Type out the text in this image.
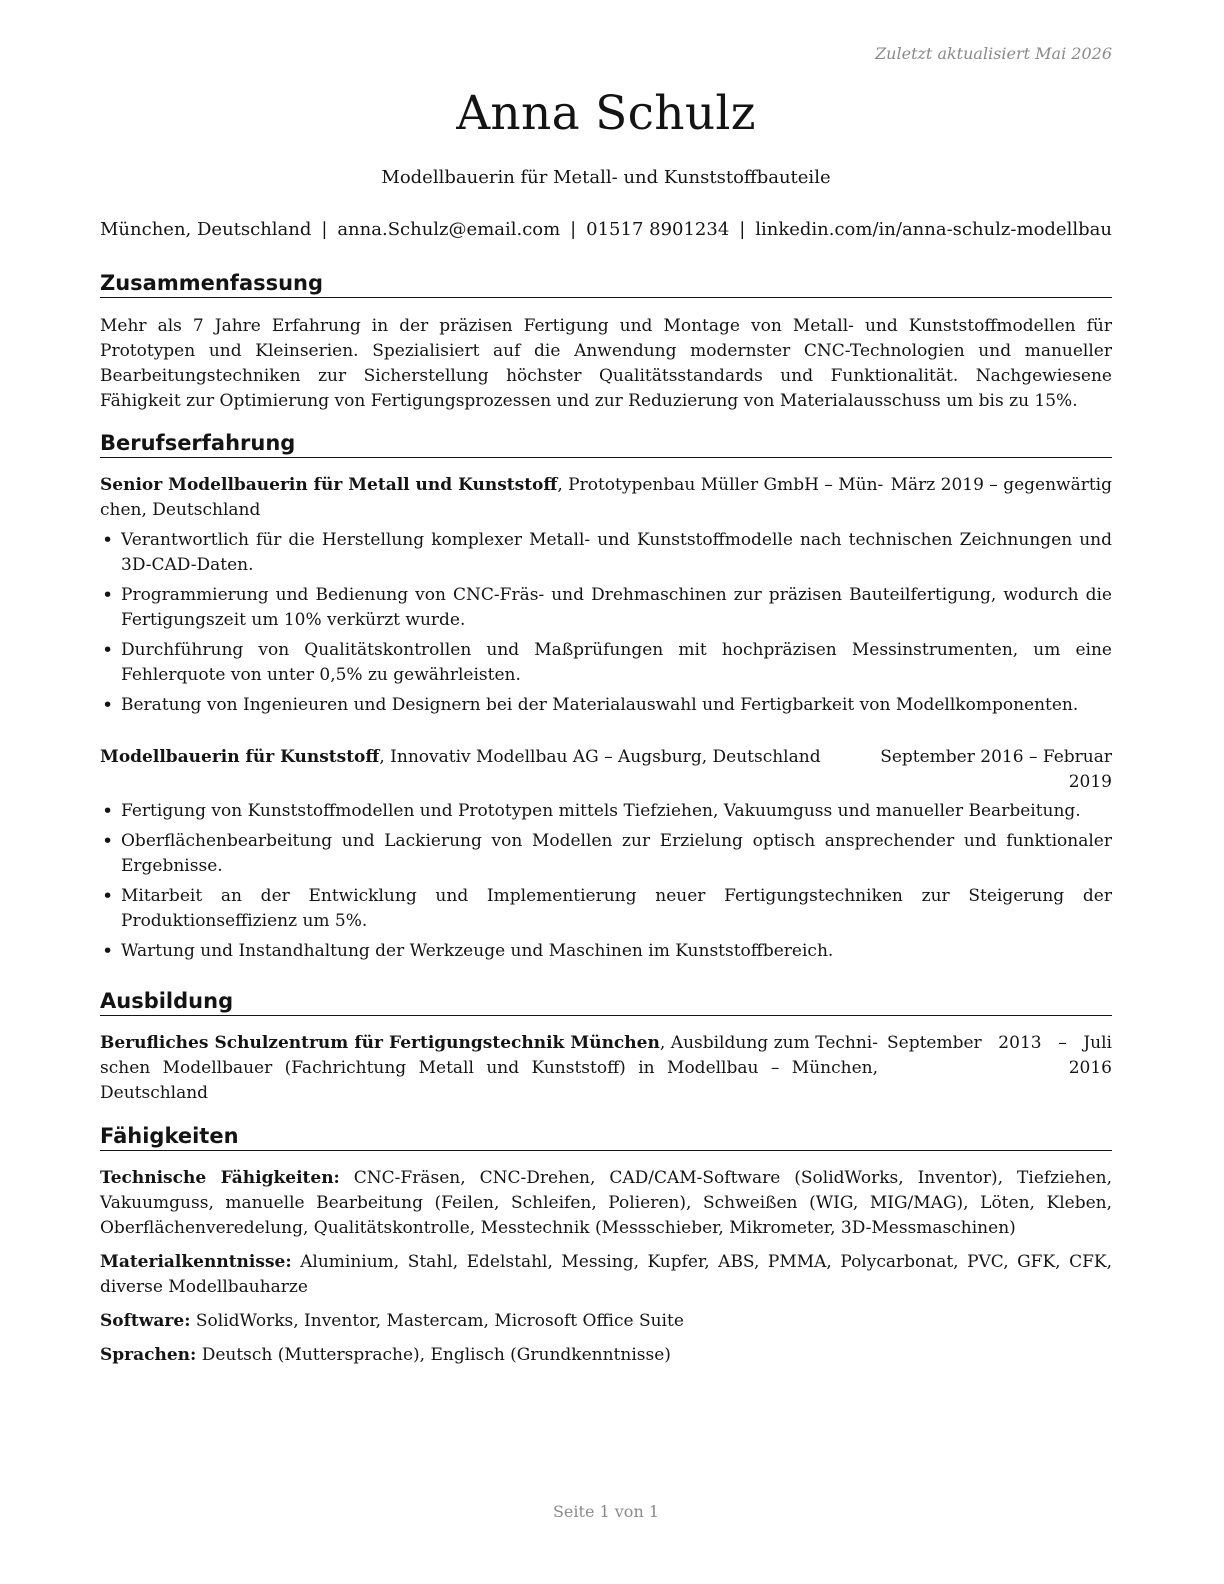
Zuletzt aktualisiert Mai 2026
Anna Schulz
Modellbauerin für Metall- und Kunststoffbauteile
München, Deutschland | anna.Schulz@email.com | 01517 8901234 | linkedin.com/in/anna-schulz-modellbau
Zusammenfassung
Mehr als 7 Jahre Erfahrung in der präzisen Fertigung und Montage von Metall- und Kunststoffmodellen für Prototypen und Kleinserien. Spezialisiert auf die Anwendung modernster CNC-Technologien und manueller Bearbeitungstechniken zur Sicherstellung höchster Qualitätsstandards und Funktionalität. Nachgewiesene Fähigkeit zur Optimierung von Fertigungsprozessen und zur Reduzierung von Materialausschuss um bis zu 15%.
Berufserfahrung
Senior Modellbauerin für Metall und Kunststoff, Prototypenbau Müller GmbH – Mün-
chen, Deutschland
März 2019 – gegenwärtig
• Verantwortlich für die Herstellung komplexer Metall- und Kunststoffmodelle nach technischen Zeichnungen und 3D-CAD-Daten.
• Programmierung und Bedienung von CNC-Fräs- und Drehmaschinen zur präzisen Bauteilfertigung, wodurch die Fertigungszeit um 10% verkürzt wurde.
• Durchführung von Qualitätskontrollen und Maßprüfungen mit hochpräzisen Messinstrumenten, um eine Fehlerquote von unter 0,5% zu gewährleisten.
• Beratung von Ingenieuren und Designern bei der Materialauswahl und Fertigbarkeit von Modellkomponenten.
Modellbauerin für Kunststoff, Innovativ Modellbau AG – Augsburg, Deutschland	September 2016 – Februar
2019
• Fertigung von Kunststoffmodellen und Prototypen mittels Tiefziehen, Vakuumguss und manueller Bearbeitung.
• Oberflächenbearbeitung und Lackierung von Modellen zur Erzielung optisch ansprechender und funktionaler Ergebnisse.
• Mitarbeit an der Entwicklung und Implementierung neuer Fertigungstechniken zur Steigerung der Produktionseffizienz um 5%.
• Wartung und Instandhaltung der Werkzeuge und Maschinen im Kunststoffbereich.
Ausbildung
Berufliches Schulzentrum für Fertigungstechnik München, Ausbildung zum Techni-
schen Modellbauer (Fachrichtung Metall und Kunststoff) in Modellbau – München,
Deutschland
September 2013 – Juli
2016
Fähigkeiten
Technische Fähigkeiten: CNC-Fräsen, CNC-Drehen, CAD/CAM-Software (SolidWorks, Inventor), Tiefziehen, Vakuumguss, manuelle Bearbeitung (Feilen, Schleifen, Polieren), Schweißen (WIG, MIG/MAG), Löten, Kleben, Oberflächenveredelung, Qualitätskontrolle, Messtechnik (Messschieber, Mikrometer, 3D-Messmaschinen)
Materialkenntnisse: Aluminium, Stahl, Edelstahl, Messing, Kupfer, ABS, PMMA, Polycarbonat, PVC, GFK, CFK, diverse Modellbauharze
Software: SolidWorks, Inventor, Mastercam, Microsoft Office Suite
Sprachen: Deutsch (Muttersprache), Englisch (Grundkenntnisse)
Seite 1 von 1
